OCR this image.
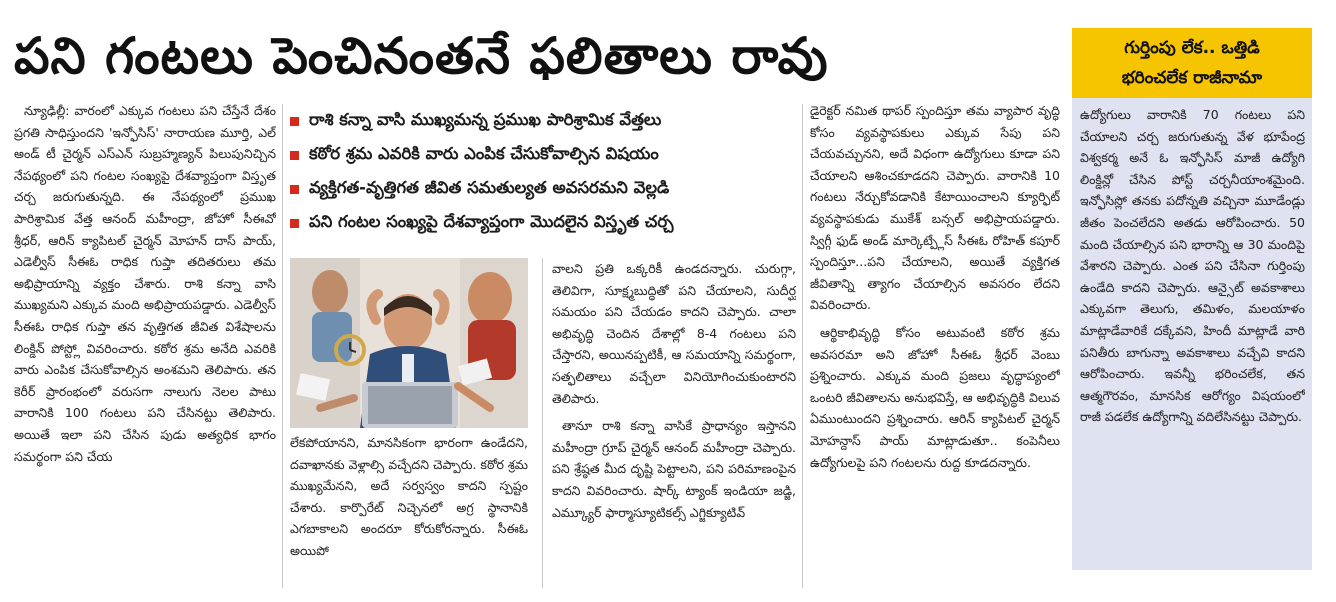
పని గంటలు పెంచినంతనే ఫలితాలు రావు

న్యూఢిల్లీ: వారంలో ఎక్కువ గంటలు పని చేస్తేనే దేశం ప్రగతి సాధిస్తుందని 'ఇన్ఫోసిస్' నారాయణ మూర్తి, ఎల్ అండ్ టీ చైర్మన్ ఎస్ఎన్ సుబ్రహ్మణ్యన్ పిలుపునిచ్చిన నేపథ్యంలో పని గంటల సంఖ్యపై దేశవ్యాప్తంగా విస్తృత చర్చ జరుగుతున్నది. ఈ నేపథ్యంలో ప్రముఖ పారిశ్రామిక వేత్త ఆనంద్ మహీంద్రా, జోహో సీఈవో శ్రీధర్, ఆరిన్ క్యాపిటల్ చైర్మన్ మోహన్ దాస్ పాయ్, ఎడెల్వీస్ సీఈఓ రాధిక గుప్తా తదితరులు తమ అభిప్రాయాన్ని వ్యక్తం చేశారు. రాశి కన్నా వాసి ముఖ్యమని ఎక్కువ మంది అభిప్రాయపడ్డారు. ఎడెల్వీస్ సీఈఓ రాధిక గుప్తా తన వృత్తిగత జీవిత విశేషాలను లింక్డిన్ పోస్ట్లో వివరించారు. కఠోర శ్రమ అనేది ఎవరికి వారు ఎంపిక చేసుకోవాల్సిన అంశమని తెలిపారు. తన కెరీర్ ప్రారంభంలో వరుసగా నాలుగు నెలల పాటు వారానికి 100 గంటలు పని చేసినట్టు తెలిపారు. అయితే ఇలా పని చేసిన పుడు అత్యధిక భాగం సమర్థంగా పని చేయ

రాశి కన్నా వాసి ముఖ్యమన్న ప్రముఖ పారిశ్రామిక వేత్తలు
కఠోర శ్రమ ఎవరికి వారు ఎంపిక చేసుకోవాల్సిన విషయం
వ్యక్తిగత-వృత్తిగత జీవిత సమతుల్యత అవసరమని వెల్లడి
పని గంటల సంఖ్యపై దేశవ్యాప్తంగా మొదలైన విస్తృత చర్చ

లేకపోయానని, మానసికంగా భారంగా ఉండేదని, దవాఖానకు వెళ్లాల్సి వచ్చేదని చెప్పారు. కఠోర శ్రమ ముఖ్యమేనని, అదే సర్వస్వం కాదని స్పష్టం చేశారు. కార్పొరేట్ నిచ్చెనలో అగ్ర స్థానానికి ఎగబాకాలని అందరూ కోరుకోరన్నారు. సీఈఓ అయిపో

వాలని ప్రతి ఒక్కరికీ ఉండదన్నారు. చురుగ్గా, తెలివిగా, సూక్ష్మబుద్ధితో పని చేయాలని, సుదీర్ఘ సమయం పని చేయడం కాదని చెప్పారు. చాలా అభివృద్ధి చెందిన దేశాల్లో 8-4 గంటలు పని చేస్తారని, అయినప్పటికీ, ఆ సమయాన్ని సమర్థంగా, సత్ఫలితాలు వచ్చేలా వినియోగించుకుంటారని తెలిపారు.

తానూ రాశి కన్నా వాసికే ప్రాధాన్యం ఇస్తానని మహీంద్రా గ్రూప్ చైర్మన్ ఆనంద్ మహీంద్రా చెప్పారు. పని శ్రేష్ఠత మీద దృష్టి పెట్టాలని, పని పరిమాణంపైన కాదని వివరించారు. షార్క్ ట్యాంక్ ఇండియా జడ్జి, ఎమ్క్యూర్ ఫార్మాస్యూటికల్స్ ఎగ్జిక్యూటివ్

డైరెక్టర్ నమిత థాపర్ స్పందిస్తూ తమ వ్యాపార వృద్ధి కోసం వ్యవస్థాపకులు ఎక్కువ సేపు పని చేయవచ్చునని, అదే విధంగా ఉద్యోగులు కూడా పని చేయాలని ఆశించకూడదని చెప్పారు. వారానికి 10 గంటలు నేర్చుకోవడానికి కేటాయించాలని క్యూర్ఫిట్ వ్యవస్థాపకుడు ముకేశ్ బన్సల్ అభిప్రాయపడ్డారు. స్విగ్గీ ఫుడ్ అండ్ మార్కెట్ప్లేస్ సీఈఓ రోహిత్ కపూర్ స్పందిస్తూ...పని చేయాలని, అయితే వ్యక్తిగత జీవితాన్ని త్యాగం చేయాల్సిన అవసరం లేదని వివరించారు.

ఆర్థికాభివృద్ధి కోసం అటువంటి కఠోర శ్రమ అవసరమా అని జోహో సీఈఓ శ్రీధర్ వెంబు ప్రశ్నించారు. ఎక్కువ మంది ప్రజలు వృద్ధాప్యంలో ఒంటరి జీవితాలను అనుభవిస్తే, ఆ అభివృద్ధికి విలువ ఏముంటుందని ప్రశ్నించారు. ఆరిన్ క్యాపిటల్ చైర్మన్ మోహన్దాస్ పాయ్ మాట్లాడుతూ.. కంపెనీలు ఉద్యోగులపై పని గంటలను రుద్ద కూడదన్నారు.

గుర్తింపు లేక.. ఒత్తిడి
భరించలేక రాజీనామా
ఉద్యోగులు వారానికి 70 గంటలు పని చేయాలని చర్చ జరుగుతున్న వేళ భూపేంద్ర విశ్వకర్మ అనే ఓ ఇన్ఫోసిస్ మాజీ ఉద్యోగి లింక్డిన్లో చేసిన పోస్ట్ చర్చనీయాంశమైంది. ఇన్ఫోసిస్లో తనకు పదోన్నతి వచ్చినా మూడేండ్లు జీతం పెంచలేదని అతడు ఆరోపించారు. 50 మంది చేయాల్సిన పని భారాన్ని ఆ 30 మందిపై వేశారని చెప్పారు. ఎంత పని చేసినా గుర్తింపు ఉండేది కాదని చెప్పారు. ఆన్సైట్ అవకాశాలు ఎక్కువగా తెలుగు, తమిళం, మలయాళం మాట్లాడేవారికే దక్కేవని, హిందీ మాట్లాడే వారి పనితీరు బాగున్నా అవకాశాలు వచ్చేవి కాదని ఆరోపించారు. ఇవన్నీ భరించలేక, తన ఆత్మగౌరవం, మానసిక ఆరోగ్యం విషయంలో రాజీ పడలేక ఉద్యోగాన్ని వదిలేసినట్టు చెప్పారు.
